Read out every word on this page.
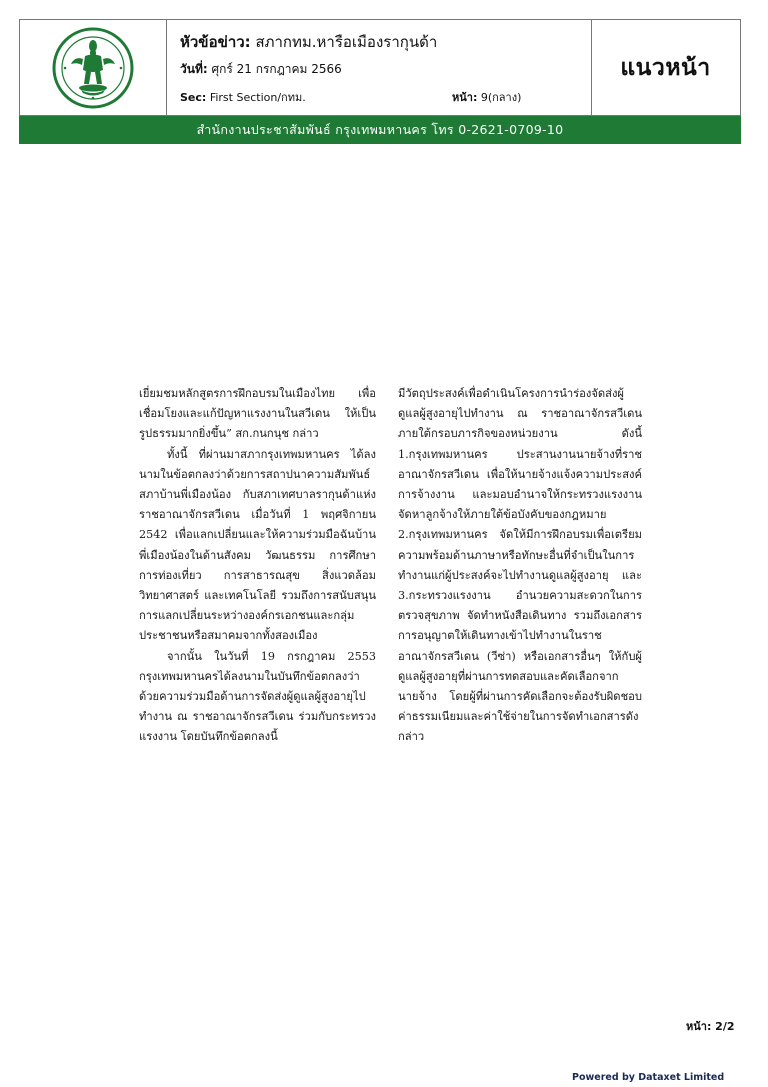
หัวข้อข่าว: สภากทม.หารือเมืองรากุนด้า
วันที่: ศุกร์ 21 กรกฎาคม 2566
Sec: First Section/กทม.	หน้า: 9(กลาง)
แนวหน้า
สำนักงานประชาสัมพันธ์ กรุงเทพมหานคร โทร 0-2621-0709-10

เยี่ยมชมหลักสูตรการฝึกอบรมในเมืองไทย เพื่อเชื่อมโยงและแก้ปัญหาแรงงานในสวีเดน ให้เป็นรูปธรรมมากยิ่งขึ้น” สก.กนกนุช กล่าว

ทั้งนี้ ที่ผ่านมาสภากรุงเทพมหานคร ได้ลงนามในข้อตกลงว่าด้วยการสถาปนาความสัมพันธ์สภาบ้านพี่เมืองน้อง กับสภาเทศบาลรากุนด้าแห่งราชอาณาจักรสวีเดน เมื่อวันที่ 1 พฤศจิกายน 2542 เพื่อแลกเปลี่ยนและให้ความร่วมมือฉันบ้านพี่เมืองน้องในด้านสังคม วัฒนธรรม การศึกษา การท่องเที่ยว การสาธารณสุข สิ่งแวดล้อม วิทยาศาสตร์ และเทคโนโลยี รวมถึงการสนับสนุนการแลกเปลี่ยนระหว่างองค์กรเอกชนและกลุ่มประชาชนหรือสมาคมจากทั้งสองเมือง

จากนั้น ในวันที่ 19 กรกฎาคม 2553 กรุงเทพมหานครได้ลงนามในบันทึกข้อตกลงว่าด้วยความร่วมมือด้านการจัดส่งผู้ดูแลผู้สูงอายุไปทำงาน ณ ราชอาณาจักรสวีเดน ร่วมกับกระทรวงแรงงาน โดยบันทึกข้อตกลงนี้

มีวัตถุประสงค์เพื่อดำเนินโครงการนำร่องจัดส่งผู้ดูแลผู้สูงอายุไปทำงาน ณ ราชอาณาจักรสวีเดน ภายใต้กรอบภารกิจของหน่วยงาน ดังนี้ 1.กรุงเทพมหานคร ประสานงานนายจ้างที่ราชอาณาจักรสวีเดน เพื่อให้นายจ้างแจ้งความประสงค์การจ้างงาน และมอบอำนาจให้กระทรวงแรงงานจัดหาลูกจ้างให้ภายใต้ข้อบังคับของกฎหมาย 2.กรุงเทพมหานคร จัดให้มีการฝึกอบรมเพื่อเตรียมความพร้อมด้านภาษาหรือทักษะอื่นที่จำเป็นในการทำงานแก่ผู้ประสงค์จะไปทำงานดูแลผู้สูงอายุ และ 3.กระทรวงแรงงาน อำนวยความสะดวกในการตรวจสุขภาพ จัดทำหนังสือเดินทาง รวมถึงเอกสารการอนุญาตให้เดินทางเข้าไปทำงานในราชอาณาจักรสวีเดน (วีซ่า) หรือเอกสารอื่นๆ ให้กับผู้ดูแลผู้สูงอายุที่ผ่านการทดสอบและคัดเลือกจากนายจ้าง โดยผู้ที่ผ่านการคัดเลือกจะต้องรับผิดชอบค่าธรรมเนียมและค่าใช้จ่ายในการจัดทำเอกสารดังกล่าว

หน้า: 2/2
Powered by Dataxet Limited
